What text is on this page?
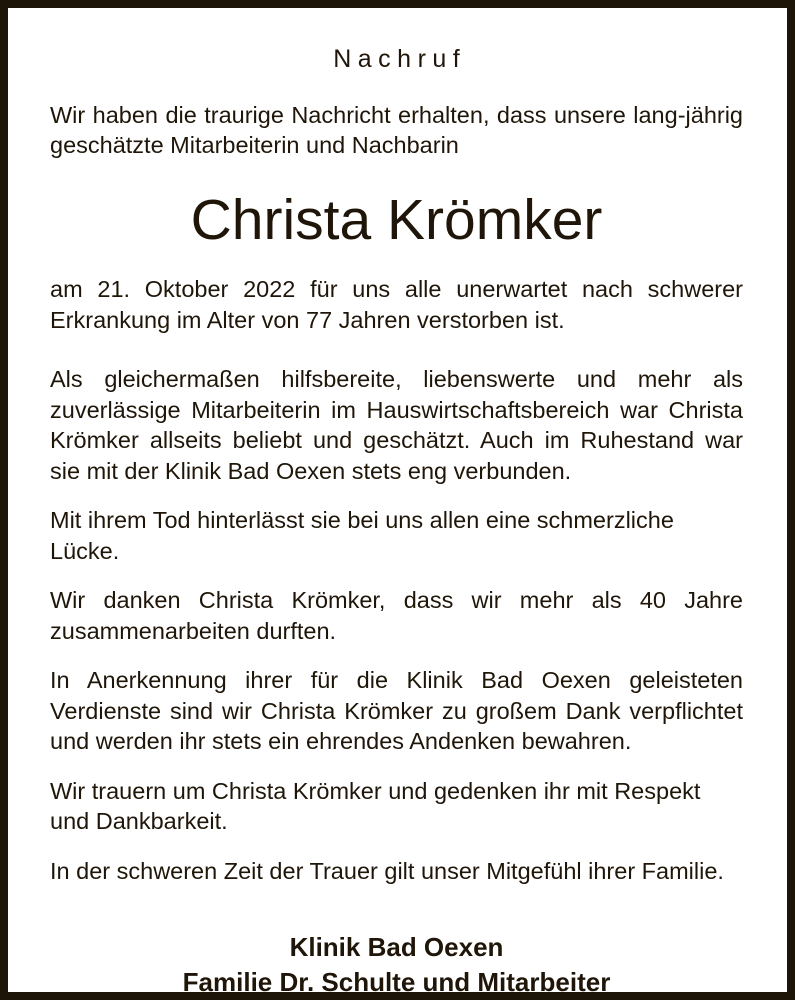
Nachruf
Wir haben die traurige Nachricht erhalten, dass unsere lang-jährig geschätzte Mitarbeiterin und Nachbarin
Christa Krömker
am 21. Oktober 2022 für uns alle unerwartet nach schwerer Erkrankung im Alter von 77 Jahren verstorben ist.
Als gleichermaßen hilfsbereite, liebenswerte und mehr als zuverlässige Mitarbeiterin im Hauswirtschaftsbereich war Christa Krömker allseits beliebt und geschätzt. Auch im Ruhestand war sie mit der Klinik Bad Oexen stets eng verbunden.
Mit ihrem Tod hinterlässt sie bei uns allen eine schmerzliche Lücke.
Wir danken Christa Krömker, dass wir mehr als 40 Jahre zusammenarbeiten durften.
In Anerkennung ihrer für die Klinik Bad Oexen geleisteten Verdienste sind wir Christa Krömker zu großem Dank verpflichtet und werden ihr stets ein ehrendes Andenken bewahren.
Wir trauern um Christa Krömker und gedenken ihr mit Respekt und Dankbarkeit.
In der schweren Zeit der Trauer gilt unser Mitgefühl ihrer Familie.
Klinik Bad Oexen
Familie Dr. Schulte und Mitarbeiter
